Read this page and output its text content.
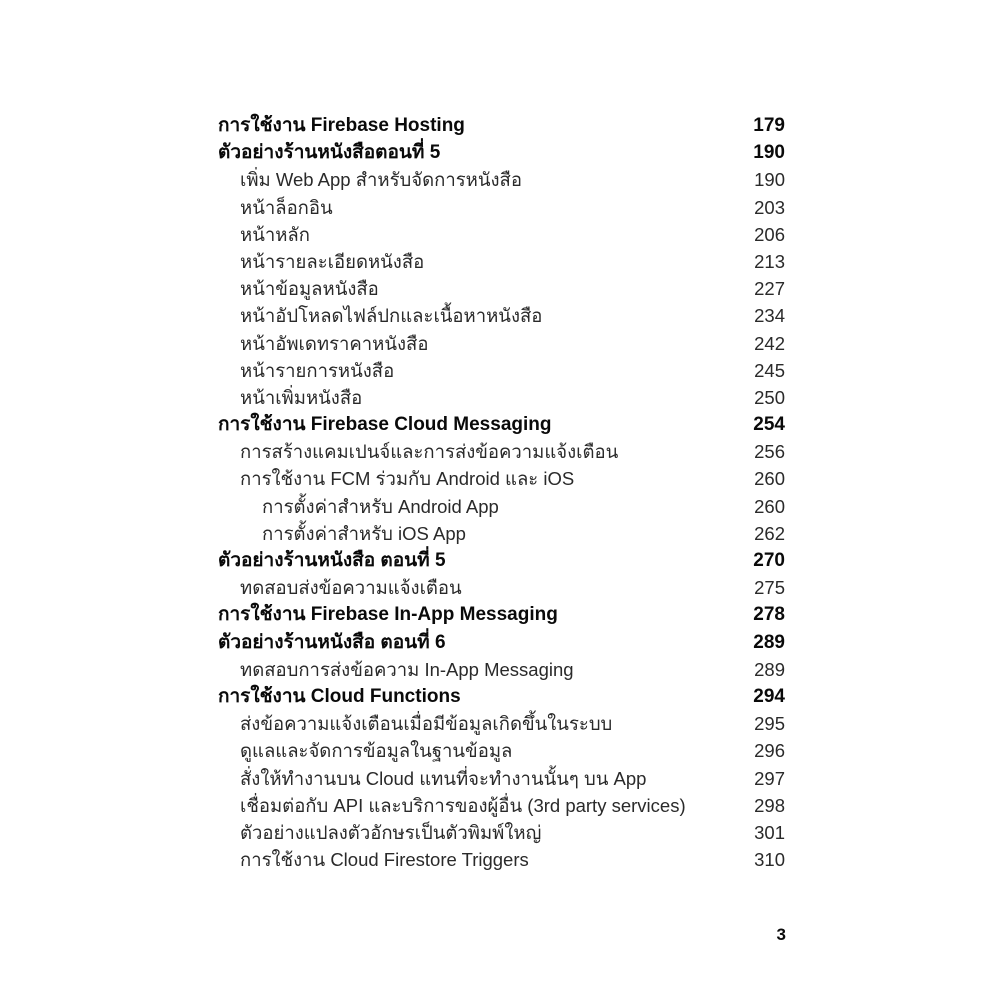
การใช้งาน Firebase Hosting	179
ตัวอย่างร้านหนังสือตอนที่ 5	190
เพิ่ม Web App สำหรับจัดการหนังสือ	190
หน้าล็อกอิน	203
หน้าหลัก	206
หน้ารายละเอียดหนังสือ	213
หน้าข้อมูลหนังสือ	227
หน้าอัปโหลดไฟล์ปกและเนื้อหาหนังสือ	234
หน้าอัพเดทราคาหนังสือ	242
หน้ารายการหนังสือ	245
หน้าเพิ่มหนังสือ	250
การใช้งาน Firebase Cloud Messaging	254
การสร้างแคมเปนจ์และการส่งข้อความแจ้งเตือน	256
การใช้งาน FCM ร่วมกับ Android และ iOS	260
การตั้งค่าสำหรับ Android App	260
การตั้งค่าสำหรับ iOS App	262
ตัวอย่างร้านหนังสือ ตอนที่ 5	270
ทดสอบส่งข้อความแจ้งเตือน	275
การใช้งาน Firebase In-App Messaging	278
ตัวอย่างร้านหนังสือ ตอนที่ 6	289
ทดสอบการส่งข้อความ In-App Messaging	289
การใช้งาน Cloud Functions	294
ส่งข้อความแจ้งเตือนเมื่อมีข้อมูลเกิดขึ้นในระบบ	295
ดูแลและจัดการข้อมูลในฐานข้อมูล	296
สั่งให้ทำงานบน Cloud แทนที่จะทำงานนั้นๆ บน App	297
เชื่อมต่อกับ API และบริการของผู้อื่น (3rd party services)	298
ตัวอย่างแปลงตัวอักษรเป็นตัวพิมพ์ใหญ่	301
การใช้งาน Cloud Firestore Triggers	310
3
